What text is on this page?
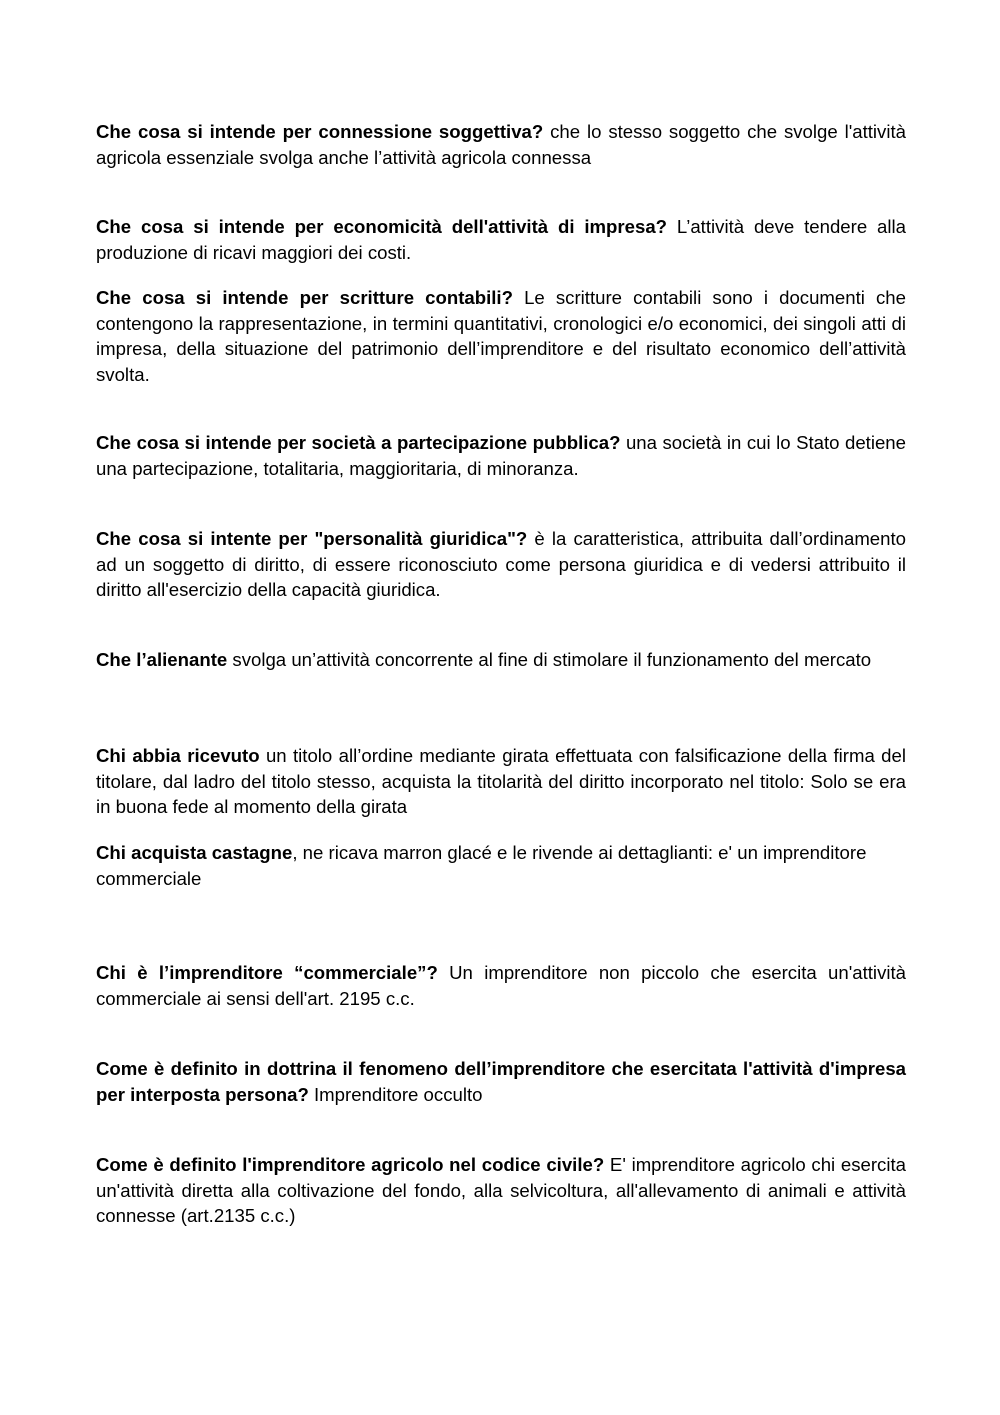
Che cosa si intende per connessione soggettiva? che lo stesso soggetto che svolge l'attività agricola essenziale svolga anche l’attività agricola connessa

Che cosa si intende per economicità dell'attività di impresa? L’attività deve tendere alla produzione di ricavi maggiori dei costi.

Che cosa si intende per scritture contabili? Le scritture contabili sono i documenti che contengono la rappresentazione, in termini quantitativi, cronologici e/o economici, dei singoli atti di impresa, della situazione del patrimonio dell’imprenditore e del risultato economico dell’attività svolta.

Che cosa si intende per società a partecipazione pubblica? una società in cui lo Stato detiene una partecipazione, totalitaria, maggioritaria, di minoranza.

Che cosa si intente per "personalità giuridica"? è la caratteristica, attribuita dall’ordinamento ad un soggetto di diritto, di essere riconosciuto come persona giuridica e di vedersi attribuito il diritto all'esercizio della capacità giuridica.

Che l’alienante svolga un’attività concorrente al fine di stimolare il funzionamento del mercato

Chi abbia ricevuto un titolo all’ordine mediante girata effettuata con falsificazione della firma del titolare, dal ladro del titolo stesso, acquista la titolarità del diritto incorporato nel titolo: Solo se era in buona fede al momento della girata

Chi acquista castagne, ne ricava marron glacé e le rivende ai dettaglianti: e' un imprenditore
commerciale

Chi è l’imprenditore “commerciale”? Un imprenditore non piccolo che esercita un'attività commerciale ai sensi dell'art. 2195 c.c.

Come è definito in dottrina il fenomeno dell’imprenditore che esercitata l'attività d'impresa per interposta persona? Imprenditore occulto

Come è definito l'imprenditore agricolo nel codice civile? E' imprenditore agricolo chi esercita un'attività diretta alla coltivazione del fondo, alla selvicoltura, all'allevamento di animali e attività connesse (art.2135 c.c.)
